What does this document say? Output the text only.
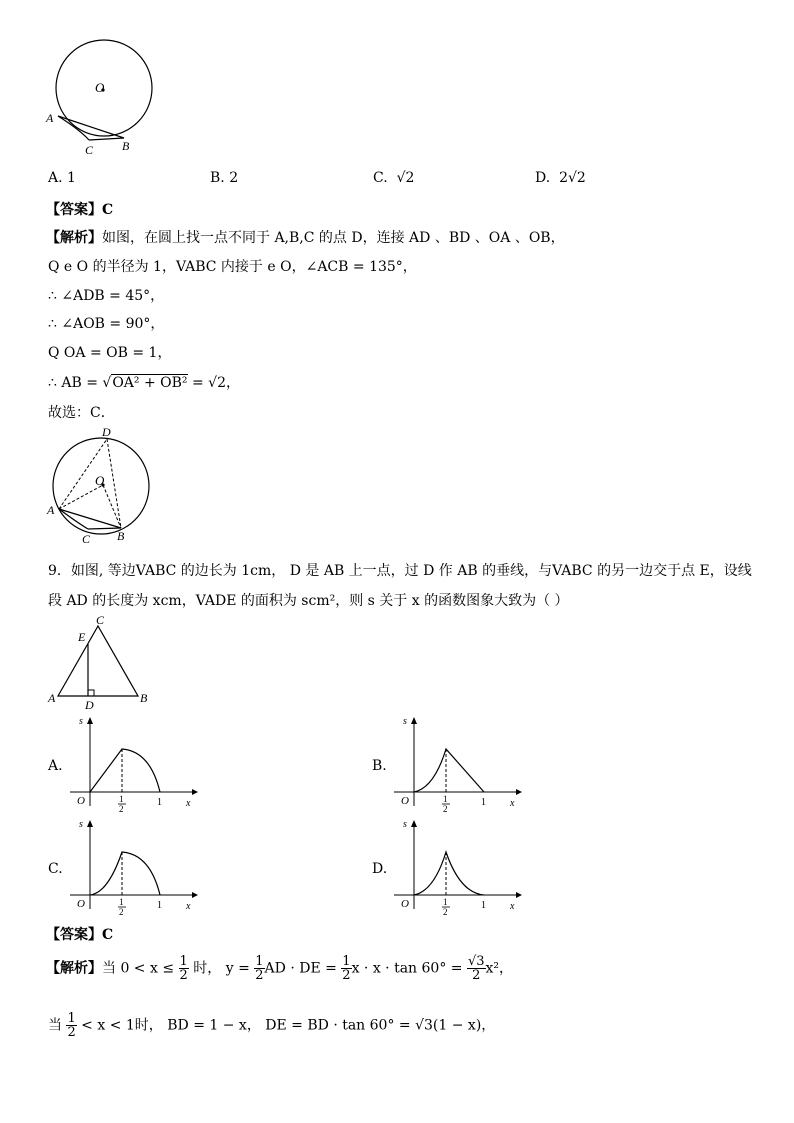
O
A
C B
A. 1	B. 2	C. √2	D. 2√2
【答案】C
【解析】如图，在圆上找一点不同于 A,B,C 的点 D，连接 AD 、BD 、OA 、OB，
Q e O 的半径为 1，VABC 内接于 e O，∠ACB = 135°，
∴ ∠ADB = 45°，
∴ ∠AOB = 90°，
Q OA = OB = 1，
∴ AB = √OA² + OB² = √2，
故选：C．
D
O
A
C B
9．如图, 等边VABC 的边长为 1cm， D 是 AB 上一点，过 D 作 AB 的垂线，与VABC 的另一边交于点 E，设线
段 AD 的长度为 xcm，VADE 的面积为 scm²，则 s 关于 x 的函数图象大致为（ ）
E
C
A D	B
A.	B.
C.	D.
s
x
O	1
1
2
s
x
O	1
1
2
s
x
O	1
1
2
s
x
O	1
1
2
【答案】C
【解析】当 $0 < x \le \frac{1}{2}$ 时， $y = \frac{1}{2}$ AD · DE = $\frac{1}{2}$ $x \cdot x \cdot \tan 60^\circ = \frac{√3}{2} x^2$，
当 $\frac{1}{2} < x < 1$时， BD = 1 − x， DE = BD · tan 60° = √3(1 − x)，
